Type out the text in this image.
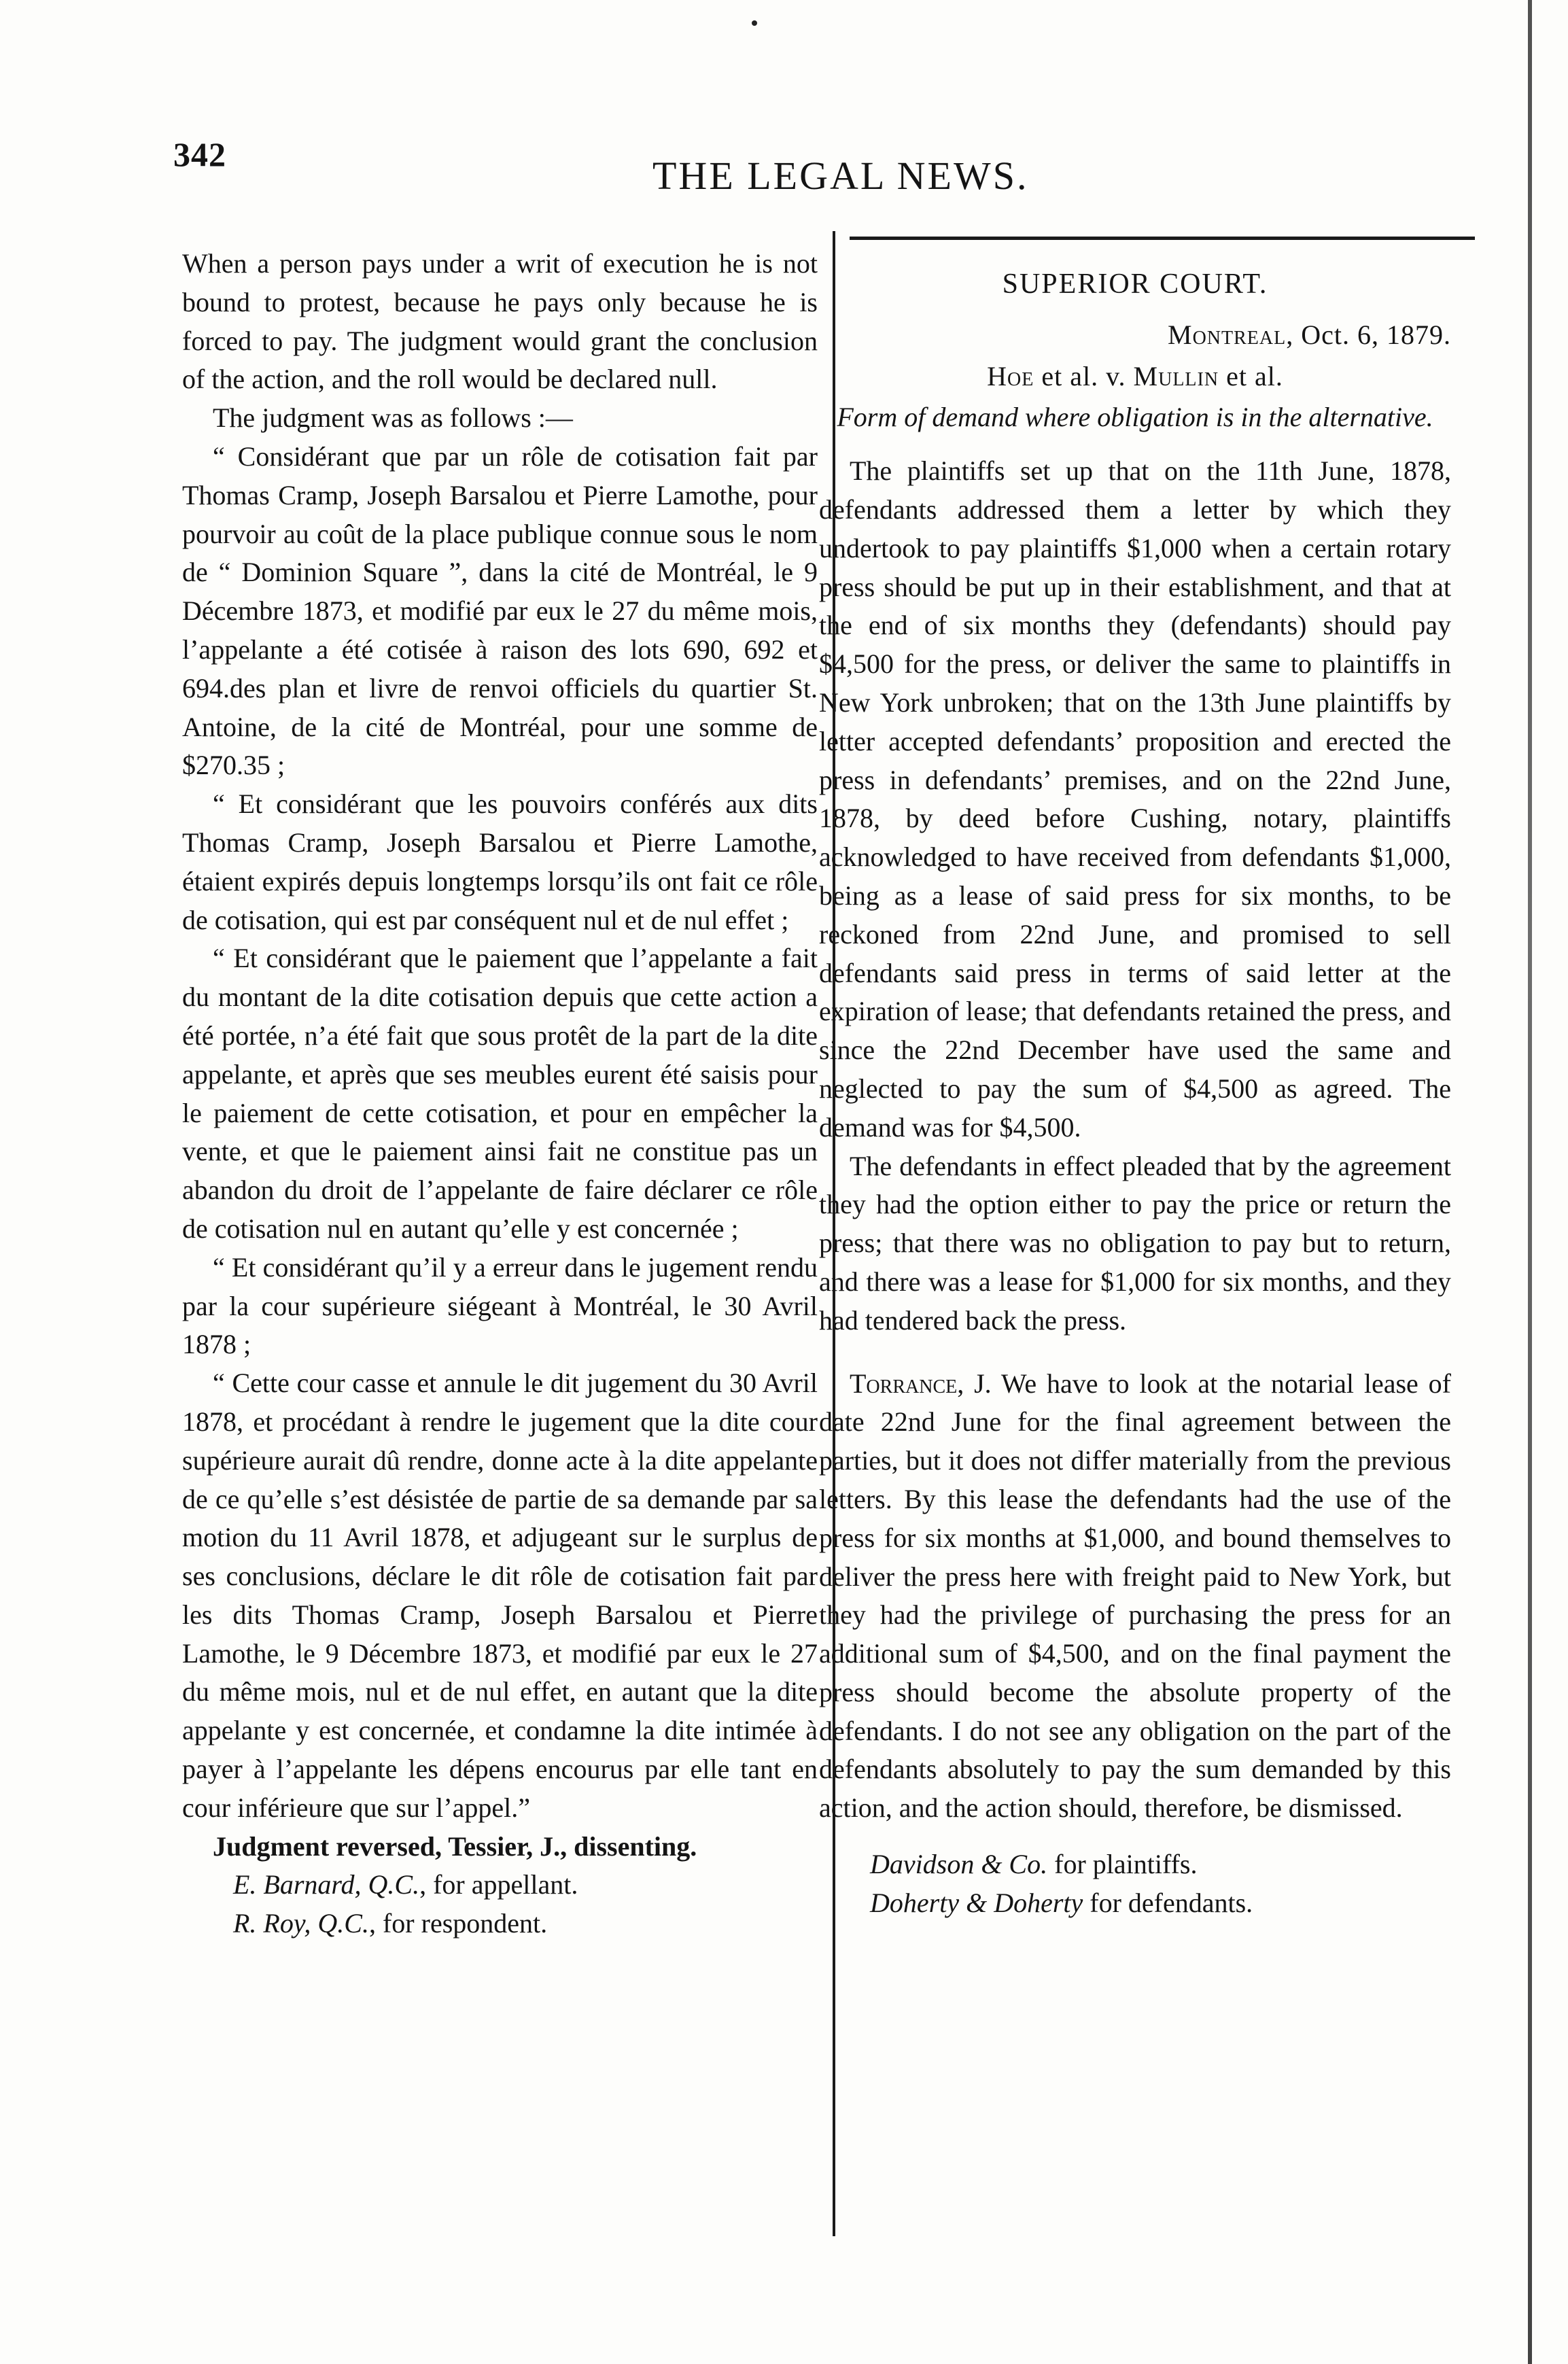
342	THE LEGAL NEWS.

When a person pays under a writ of execution he is not bound to protest, because he pays only because he is forced to pay. The judgment would grant the conclusion of the action, and the roll would be declared null.

The judgment was as follows :—

“ Considérant que par un rôle de cotisation fait par Thomas Cramp, Joseph Barsalou et Pierre Lamothe, pour pourvoir au coût de la place publique connue sous le nom de “ Dominion Square ”, dans la cité de Montréal, le 9 Décembre 1873, et modifié par eux le 27 du même mois, l’appelante a été cotisée à raison des lots 690, 692 et 694.des plan et livre de renvoi officiels du quartier St. Antoine, de la cité de Montréal, pour une somme de $270.35 ;

“ Et considérant que les pouvoirs conférés aux dits Thomas Cramp, Joseph Barsalou et Pierre Lamothe, étaient expirés depuis longtemps lorsqu’ils ont fait ce rôle de cotisation, qui est par conséquent nul et de nul effet ;

“ Et considérant que le paiement que l’appelante a fait du montant de la dite cotisation depuis que cette action a été portée, n’a été fait que sous protêt de la part de la dite appelante, et après que ses meubles eurent été saisis pour le paiement de cette cotisation, et pour en empêcher la vente, et que le paiement ainsi fait ne constitue pas un abandon du droit de l’appelante de faire déclarer ce rôle de cotisation nul en autant qu’elle y est concernée ;

“ Et considérant qu’il y a erreur dans le jugement rendu par la cour supérieure siégeant à Montréal, le 30 Avril 1878 ;

“ Cette cour casse et annule le dit jugement du 30 Avril 1878, et procédant à rendre le jugement que la dite cour supérieure aurait dû rendre, donne acte à la dite appelante de ce qu’elle s’est désistée de partie de sa demande par sa motion du 11 Avril 1878, et adjugeant sur le surplus de ses conclusions, déclare le dit rôle de cotisation fait par les dits Thomas Cramp, Joseph Barsalou et Pierre Lamothe, le 9 Décembre 1873, et modifié par eux le 27 du même mois, nul et de nul effet, en autant que la dite appelante y est concernée, et condamne la dite intimée à payer à l’appelante les dépens encourus par elle tant en cour inférieure que sur l’appel.”

Judgment reversed, Tessier, J., dissenting.

E. Barnard, Q.C., for appellant.

R. Roy, Q.C., for respondent.

SUPERIOR COURT.
Montreal, Oct. 6, 1879.
Hoe et al. v. Mullin et al.
Form of demand where obligation is in the alternative.

The plaintiffs set up that on the 11th June, 1878, defendants addressed them a letter by which they undertook to pay plaintiffs $1,000 when a certain rotary press should be put up in their establishment, and that at the end of six months they (defendants) should pay $4,500 for the press, or deliver the same to plaintiffs in New York unbroken; that on the 13th June plaintiffs by letter accepted defendants’ proposition and erected the press in defendants’ premises, and on the 22nd June, 1878, by deed before Cushing, notary, plaintiffs acknowledged to have received from defendants $1,000, being as a lease of said press for six months, to be reckoned from 22nd June, and promised to sell defendants said press in terms of said letter at the expiration of lease; that defendants retained the press, and since the 22nd December have used the same and neglected to pay the sum of $4,500 as agreed. The demand was for $4,500.

The defendants in effect pleaded that by the agreement they had the option either to pay the price or return the press; that there was no obligation to pay but to return, and there was a lease for $1,000 for six months, and they had tendered back the press.

Torrance, J. We have to look at the notarial lease of date 22nd June for the final agreement between the parties, but it does not differ materially from the previous letters. By this lease the defendants had the use of the press for six months at $1,000, and bound themselves to deliver the press here with freight paid to New York, but they had the privilege of purchasing the press for an additional sum of $4,500, and on the final payment the press should become the absolute property of the defendants. I do not see any obligation on the part of the defendants absolutely to pay the sum demanded by this action, and the action should, therefore, be dismissed.

Davidson & Co. for plaintiffs.

Doherty & Doherty for defendants.
